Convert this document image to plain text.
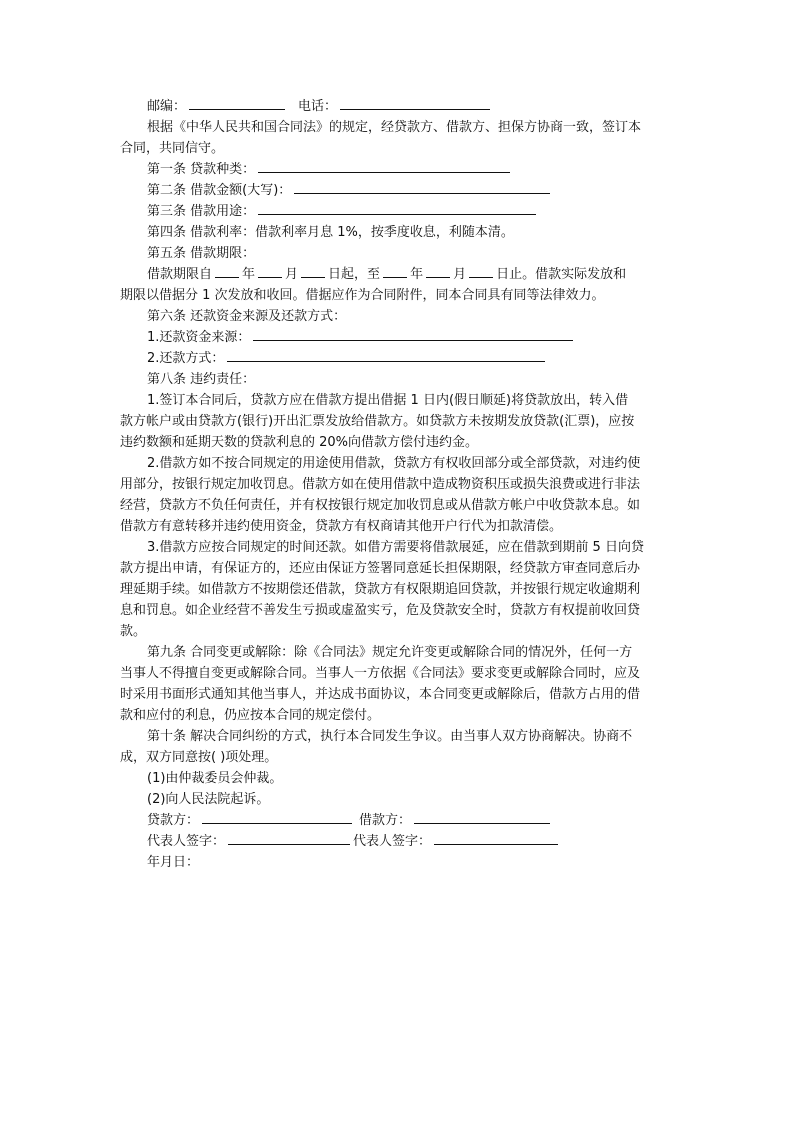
邮编：	电话：
根据《中华人民共和国合同法》的规定，经贷款方、借款方、担保方协商一致，签订本
合同，共同信守。
第一条 贷款种类：
第二条 借款金额(大写)：
第三条 借款用途：
第四条 借款利率：借款利率月息 1%，按季度收息，利随本清。
第五条 借款期限：
借款期限自 年 月 日起，至 年 月 日止。借款实际发放和
期限以借据分 1 次发放和收回。借据应作为合同附件，同本合同具有同等法律效力。
第六条 还款资金来源及还款方式：
1.还款资金来源：
2.还款方式：
第八条 违约责任：
1.签订本合同后，贷款方应在借款方提出借据 1 日内(假日顺延)将贷款放出，转入借
款方帐户或由贷款方(银行)开出汇票发放给借款方。如贷款方未按期发放贷款(汇票)，应按
违约数额和延期天数的贷款利息的 20%向借款方偿付违约金。
2.借款方如不按合同规定的用途使用借款，贷款方有权收回部分或全部贷款，对违约使
用部分，按银行规定加收罚息。借款方如在使用借款中造成物资积压或损失浪费或进行非法
经营，贷款方不负任何责任，并有权按银行规定加收罚息或从借款方帐户中收贷款本息。如
借款方有意转移并违约使用资金，贷款方有权商请其他开户行代为扣款清偿。
3.借款方应按合同规定的时间还款。如借方需要将借款展延，应在借款到期前 5 日向贷
款方提出申请，有保证方的，还应由保证方签署同意延长担保期限，经贷款方审查同意后办
理延期手续。如借款方不按期偿还借款，贷款方有权限期追回贷款，并按银行规定收逾期利
息和罚息。如企业经营不善发生亏损或虚盈实亏，危及贷款安全时，贷款方有权提前收回贷
款。
第九条 合同变更或解除：除《合同法》规定允许变更或解除合同的情况外，任何一方
当事人不得擅自变更或解除合同。当事人一方依据《合同法》要求变更或解除合同时，应及
时采用书面形式通知其他当事人，并达成书面协议，本合同变更或解除后，借款方占用的借
款和应付的利息，仍应按本合同的规定偿付。
第十条 解决合同纠纷的方式，执行本合同发生争议。由当事人双方协商解决。协商不
成，双方同意按( )项处理。
(1)由仲裁委员会仲裁。
(2)向人民法院起诉。
贷款方：	借款方：
代表人签字：	代表人签字：
年月日：
